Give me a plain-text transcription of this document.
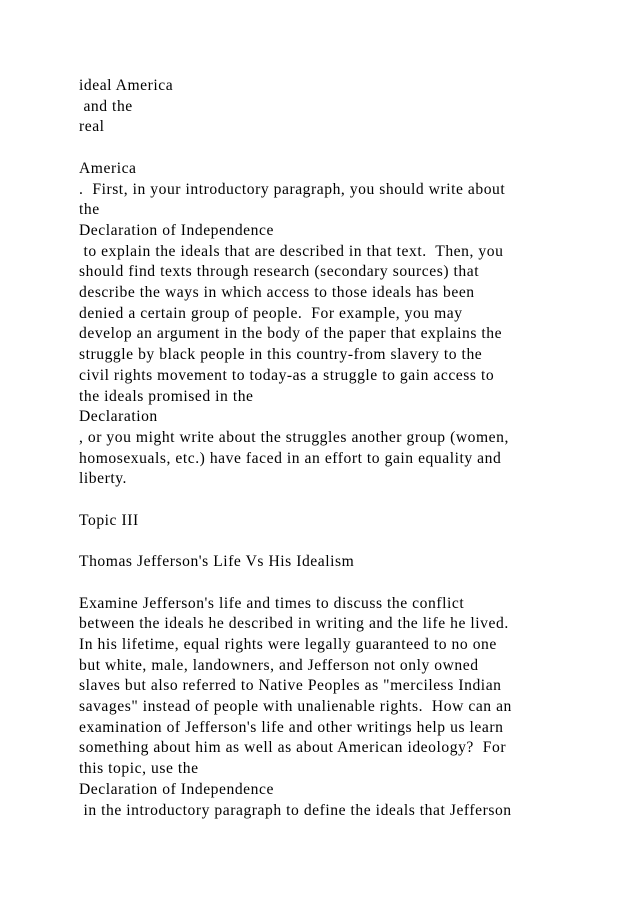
ideal America
and the
real
America
.  First, in your introductory paragraph, you should write about
the
Declaration of Independence
to explain the ideals that are described in that text.  Then, you
should find texts through research (secondary sources) that
describe the ways in which access to those ideals has been
denied a certain group of people.  For example, you may
develop an argument in the body of the paper that explains the
struggle by black people in this country-from slavery to the
civil rights movement to today-as a struggle to gain access to
the ideals promised in the
Declaration
, or you might write about the struggles another group (women,
homosexuals, etc.) have faced in an effort to gain equality and
liberty.
Topic III
Thomas Jefferson's Life Vs His Idealism
Examine Jefferson's life and times to discuss the conflict
between the ideals he described in writing and the life he lived.
In his lifetime, equal rights were legally guaranteed to no one
but white, male, landowners, and Jefferson not only owned
slaves but also referred to Native Peoples as "merciless Indian
savages" instead of people with unalienable rights.  How can an
examination of Jefferson's life and other writings help us learn
something about him as well as about American ideology?  For
this topic, use the
Declaration of Independence
in the introductory paragraph to define the ideals that Jefferson
